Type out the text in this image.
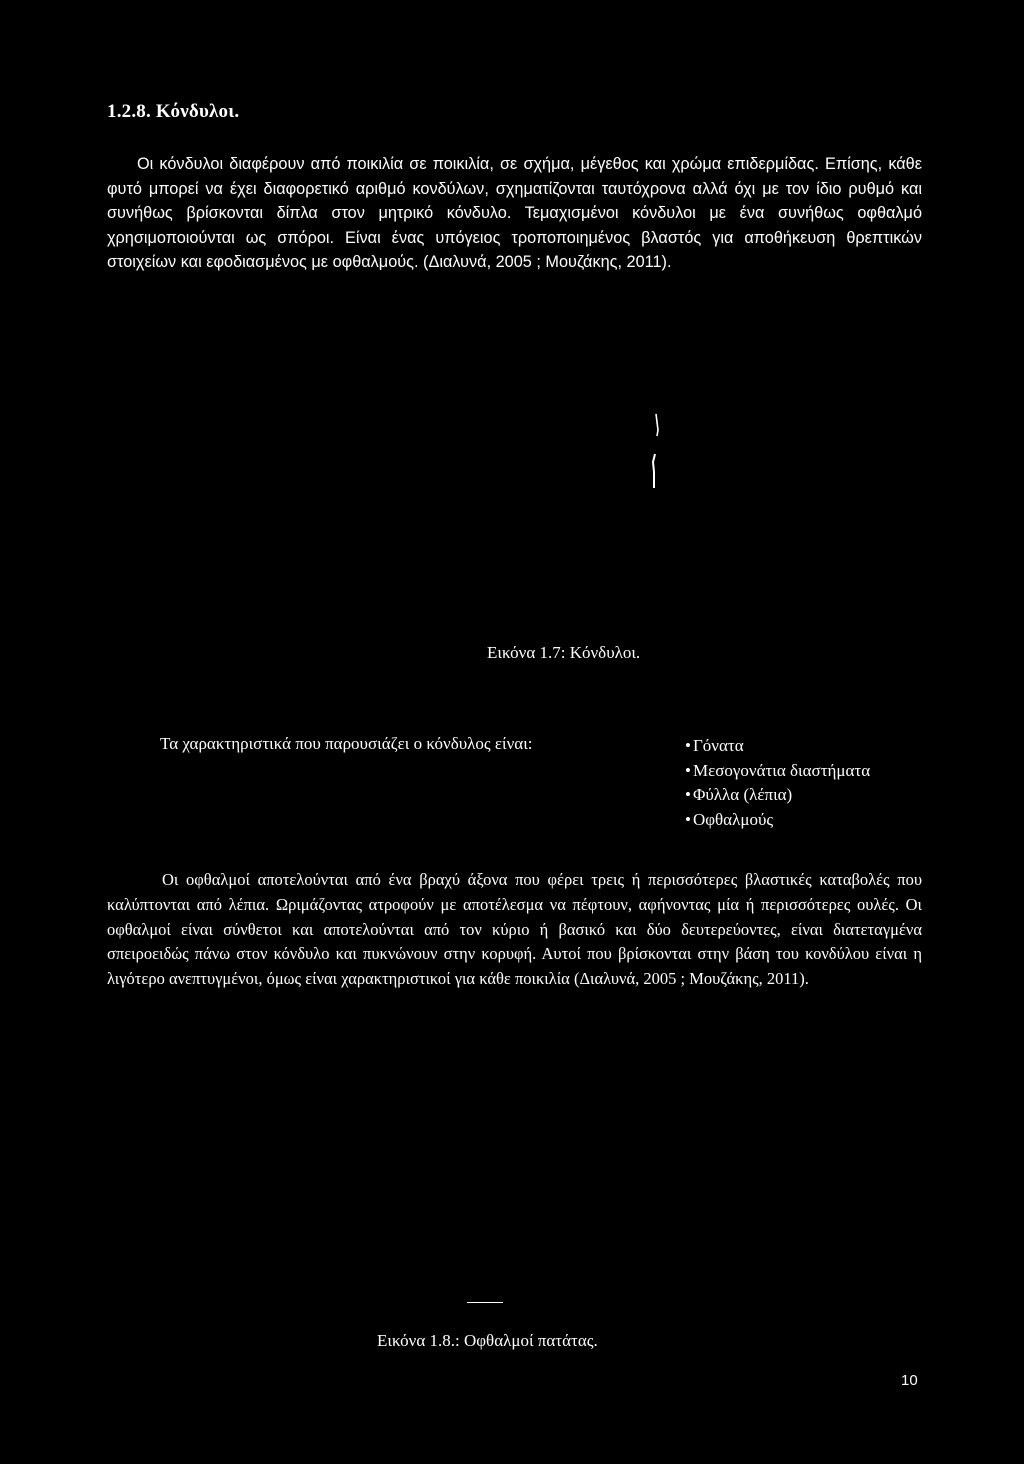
1.2.8. Κόνδυλοι.

Οι κόνδυλοι διαφέρουν από ποικιλία σε ποικιλία, σε σχήμα, μέγεθος και χρώμα επιδερμίδας. Επίσης, κάθε φυτό μπορεί να έχει διαφορετικό αριθμό κονδύλων, σχηματίζονται ταυτόχρονα αλλά όχι με τον ίδιο ρυθμό και συνήθως βρίσκονται δίπλα στον μητρικό κόνδυλο. Τεμαχισμένοι κόνδυλοι με ένα συνήθως οφθαλμό χρησιμοποιούνται ως σπόροι. Είναι ένας υπόγειος τροποποιημένος βλαστός για αποθήκευση θρεπτικών στοιχείων και εφοδιασμένος με οφθαλμούς. (Διαλυνά, 2005 ; Μουζάκης, 2011).

Εικόνα 1.7: Κόνδυλοι.
Τα χαρακτηριστικά που παρουσιάζει ο κόνδυλος είναι:
•	Γόνατα
• Μεσογονάτια διαστήματα
• Φύλλα (λέπια)
• Οφθαλμούς

Οι οφθαλμοί αποτελούνται από ένα βραχύ άξονα που φέρει τρεις ή περισσότερες βλαστικές καταβολές που καλύπτονται από λέπια. Ωριμάζοντας ατροφούν με αποτέλεσμα να πέφτουν, αφήνοντας μία ή περισσότερες ουλές. Οι οφθαλμοί είναι σύνθετοι και αποτελούνται από τον κύριο ή βασικό και δύο δευτερεύοντες, είναι διατεταγμένα σπειροειδώς πάνω στον κόνδυλο και πυκνώνουν στην κορυφή. Αυτοί που βρίσκονται στην βάση του κονδύλου είναι η λιγότερο ανεπτυγμένοι, όμως είναι χαρακτηριστικοί για κάθε ποικιλία (Διαλυνά, 2005 ; Μουζάκης, 2011).

Εικόνα 1.8.: Οφθαλμοί πατάτας.
10
